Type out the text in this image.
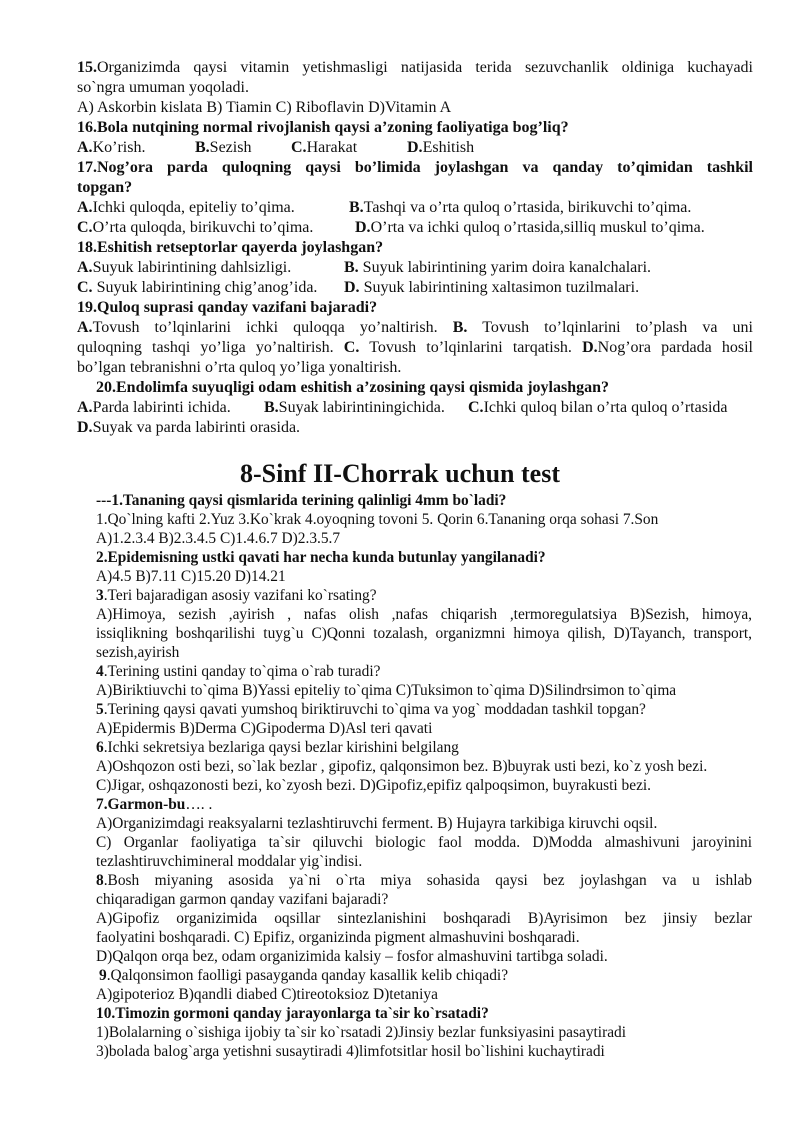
15.Organizimda qaysi vitamin yetishmasligi natijasida terida sezuvchanlik oldiniga kuchayadi
so`ngra umuman yoqoladi.
A) Askorbin kislata B) Tiamin C) Riboflavin D)Vitamin A
16.Bola nutqining normal rivojlanish qaysi a’zoning faoliyatiga bog’liq?
A.Ko’rish.	B.Sezish C.Harakat	D.Eshitish
17.Nog’ora parda quloqning qaysi bo’limida joylashgan va qanday to’qimidan tashkil
topgan?
A.Ichki quloqda, epiteliy to’qima.	B.Tashqi va o’rta quloq o’rtasida, birikuvchi to’qima.
C.O’rta quloqda, birikuvchi to’qima.	D.O’rta va ichki quloq o’rtasida,silliq muskul to’qima.
18.Eshitish retseptorlar qayerda joylashgan?
A.Suyuk labirintining dahlsizligi.	B. Suyuk labirintining yarim doira kanalchalari.
C. Suyuk labirintining chig’anog’ida. D. Suyuk labirintining xaltasimon tuzilmalari.
19.Quloq suprasi qanday vazifani bajaradi?
A.Tovush to’lqinlarini ichki quloqqa yo’naltirish. B. Tovush to’lqinlarini to’plash va uni
quloqning tashqi yo’liga yo’naltirish. C. Tovush to’lqinlarini tarqatish. D.Nog’ora pardada hosil
bo’lgan tebranishni o’rta quloq yo’liga yonaltirish.
20.Endolimfa suyuqligi odam eshitish a’zosining qaysi qismida joylashgan?
A.Parda labirinti ichida. B.Suyak labirintiningichida. C.Ichki quloq bilan o’rta quloq o’rtasida
D.Suyak va parda labirinti orasida.
8-Sinf II-Chorrak uchun test
---1.Tananing qaysi qismlarida terining qalinligi 4mm bo`ladi?
1.Qo`lning kafti 2.Yuz 3.Ko`krak 4.oyoqning tovoni 5. Qorin 6.Tananing orqa sohasi 7.Son
A)1.2.3.4 B)2.3.4.5 C)1.4.6.7 D)2.3.5.7
2.Epidemisning ustki qavati har necha kunda butunlay yangilanadi?
A)4.5 B)7.11 C)15.20 D)14.21
3.Teri bajaradigan asosiy vazifani ko`rsating?
A)Himoya, sezish ,ayirish , nafas olish ,nafas chiqarish ,termoregulatsiya B)Sezish, himoya,
issiqlikning boshqarilishi tuyg`u C)Qonni tozalash, organizmni himoya qilish, D)Tayanch, transport,
sezish,ayirish
4.Terining ustini qanday to`qima o`rab turadi?
A)Biriktiuvchi to`qima B)Yassi epiteliy to`qima C)Tuksimon to`qima D)Silindrsimon to`qima
5.Terining qaysi qavati yumshoq biriktiruvchi to`qima va yog` moddadan tashkil topgan?
A)Epidermis B)Derma C)Gipoderma D)Asl teri qavati
6.Ichki sekretsiya bezlariga qaysi bezlar kirishini belgilang
A)Oshqozon osti bezi, so`lak bezlar , gipofiz, qalqonsimon bez. B)buyrak usti bezi, ko`z yosh bezi.
C)Jigar, oshqazonosti bezi, ko`zyosh bezi. D)Gipofiz,epifiz qalpoqsimon, buyrakusti bezi.
7.Garmon-bu…. .
A)Organizimdagi reaksyalarni tezlashtiruvchi ferment. B) Hujayra tarkibiga kiruvchi oqsil.
C) Organlar faoliyatiga ta`sir qiluvchi biologic faol modda. D)Modda almashivuni jaroyinini
tezlashtiruvchimineral moddalar yig`indisi.
8.Bosh miyaning asosida ya`ni o`rta miya sohasida qaysi bez joylashgan va u ishlab
chiqaradigan garmon qanday vazifani bajaradi?
A)Gipofiz organizimida oqsillar sintezlanishini boshqaradi B)Ayrisimon bez jinsiy bezlar
faolyatini boshqaradi. C) Epifiz, organizinda pigment almashuvini boshqaradi.
D)Qalqon orqa bez, odam organizimida kalsiy – fosfor almashuvini tartibga soladi.
9.Qalqonsimon faolligi pasayganda qanday kasallik kelib chiqadi?
A)gipoterioz B)qandli diabed C)tireotoksioz D)tetaniya
10.Timozin gormoni qanday jarayonlarga ta`sir ko`rsatadi?
1)Bolalarning o`sishiga ijobiy ta`sir ko`rsatadi 2)Jinsiy bezlar funksiyasini pasaytiradi
3)bolada balog`arga yetishni susaytiradi 4)limfotsitlar hosil bo`lishini kuchaytiradi
